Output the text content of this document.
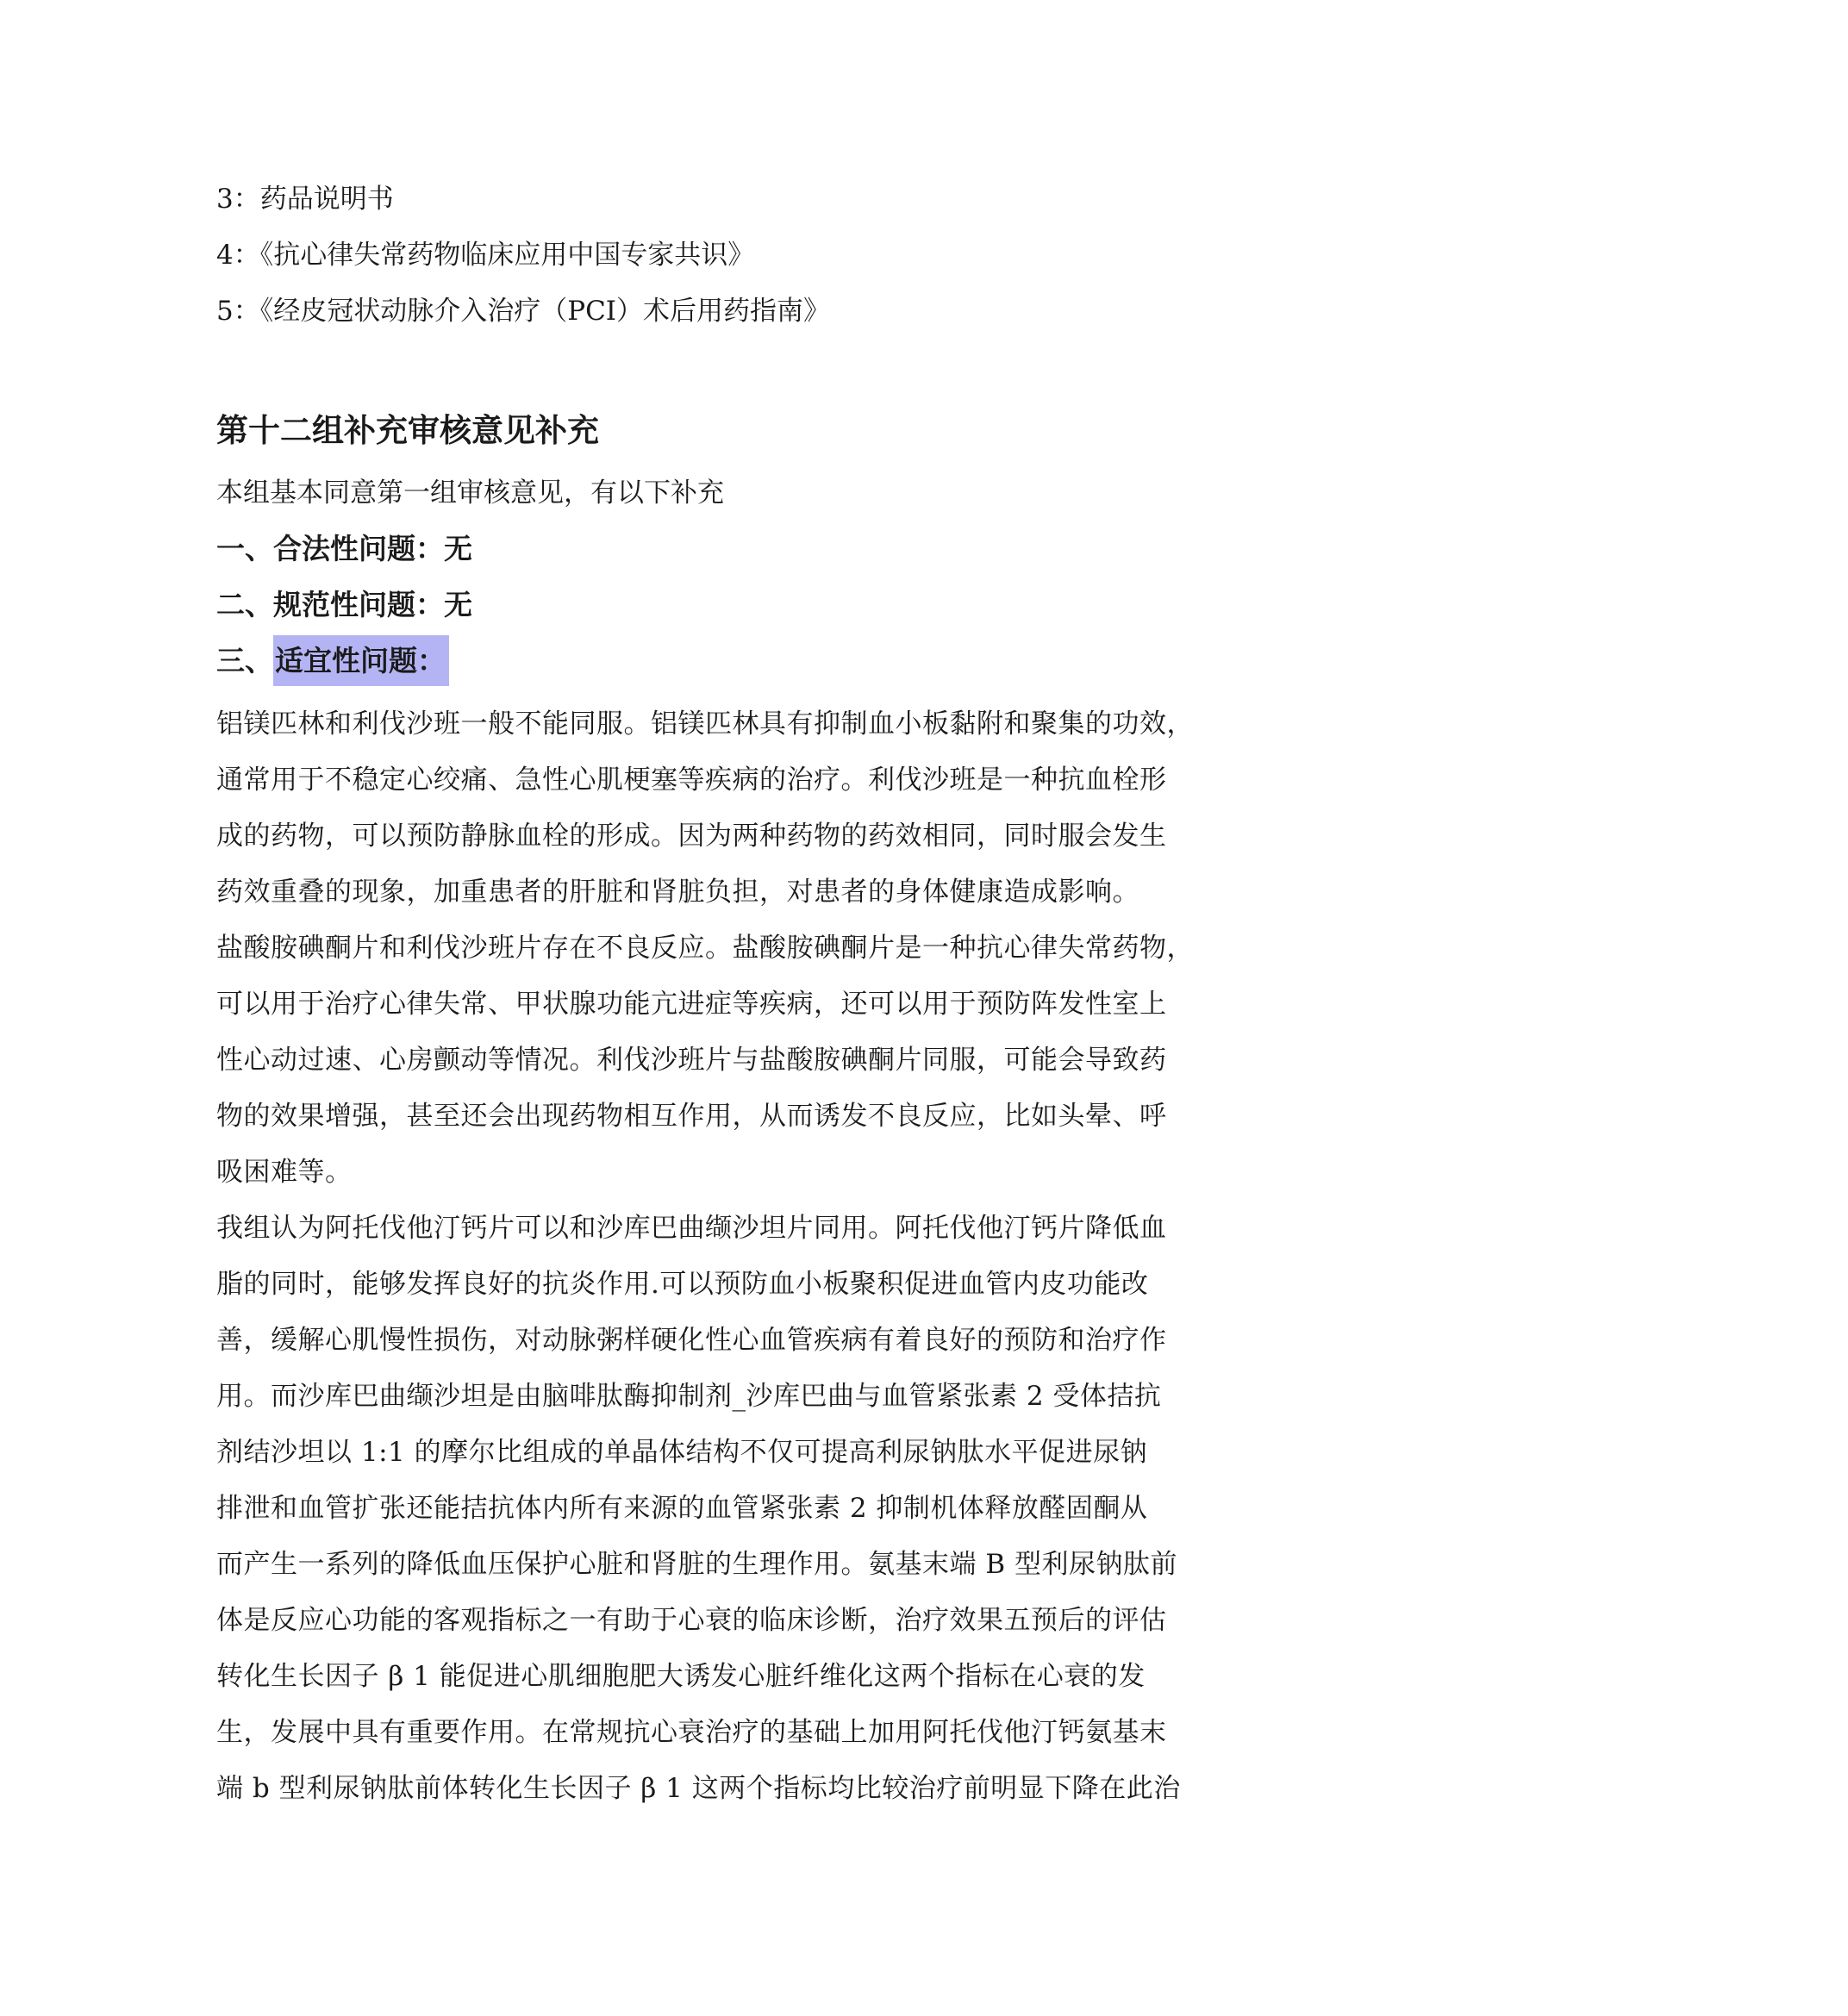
3：药品说明书
4：《抗心律失常药物临床应用中国专家共识》
5：《经皮冠状动脉介入治疗（PCI）术后用药指南》
第十二组补充审核意见补充
本组基本同意第一组审核意见，有以下补充
一、合法性问题：无
二、规范性问题：无
三、适宜性问题：
铝镁匹林和利伐沙班一般不能同服。铝镁匹林具有抑制血小板黏附和聚集的功效，
通常用于不稳定心绞痛、急性心肌梗塞等疾病的治疗。利伐沙班是一种抗血栓形
成的药物，可以预防静脉血栓的形成。因为两种药物的药效相同，同时服会发生
药效重叠的现象，加重患者的肝脏和肾脏负担，对患者的身体健康造成影响。
盐酸胺碘酮片和利伐沙班片存在不良反应。盐酸胺碘酮片是一种抗心律失常药物，
可以用于治疗心律失常、甲状腺功能亢进症等疾病，还可以用于预防阵发性室上
性心动过速、心房颤动等情况。利伐沙班片与盐酸胺碘酮片同服，可能会导致药
物的效果增强，甚至还会出现药物相互作用，从而诱发不良反应，比如头晕、呼
吸困难等。
我组认为阿托伐他汀钙片可以和沙库巴曲缬沙坦片同用。阿托伐他汀钙片降低血
脂的同时，能够发挥良好的抗炎作用.可以预防血小板聚积促进血管内皮功能改
善，缓解心肌慢性损伤，对动脉粥样硬化性心血管疾病有着良好的预防和治疗作
用。而沙库巴曲缬沙坦是由脑啡肽酶抑制剂_沙库巴曲与血管紧张素 2 受体拮抗
剂结沙坦以 1:1 的摩尔比组成的单晶体结构不仅可提高利尿钠肽水平促进尿钠
排泄和血管扩张还能拮抗体内所有来源的血管紧张素 2 抑制机体释放醛固酮从
而产生一系列的降低血压保护心脏和肾脏的生理作用。氨基末端 B 型利尿钠肽前
体是反应心功能的客观指标之一有助于心衰的临床诊断，治疗效果五预后的评估
转化生长因子 β 1 能促进心肌细胞肥大诱发心脏纤维化这两个指标在心衰的发
生，发展中具有重要作用。在常规抗心衰治疗的基础上加用阿托伐他汀钙氨基末
端 b 型利尿钠肽前体转化生长因子 β 1 这两个指标均比较治疗前明显下降在此治
